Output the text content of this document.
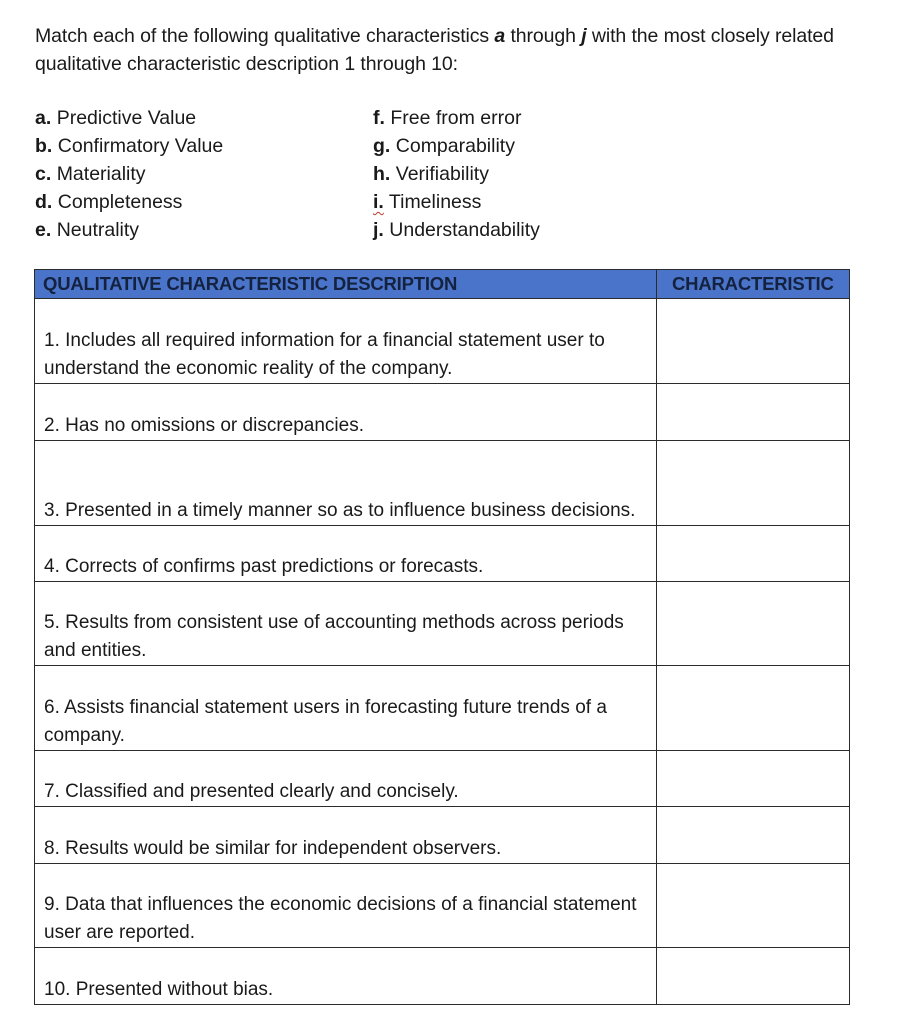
Match each of the following qualitative characteristics a through j with the most closely related qualitative characteristic description 1 through 10:
a. Predictive Value
b. Confirmatory Value
c. Materiality
d. Completeness
e. Neutrality
f. Free from error
g. Comparability
h. Verifiability
i. Timeliness
j. Understandability
QUALITATIVE CHARACTERISTIC DESCRIPTION	CHARACTERISTIC

1. Includes all required information for a financial statement user to understand the economic reality of the company.	

2. Has no omissions or discrepancies.	

3. Presented in a timely manner so as to influence business decisions.	

4. Corrects of confirms past predictions or forecasts.	

5. Results from consistent use of accounting methods across periods and entities.	

6. Assists financial statement users in forecasting future trends of a company.	

7. Classified and presented clearly and concisely.	

8. Results would be similar for independent observers.	

9. Data that influences the economic decisions of a financial statement user are reported.	

10. Presented without bias.	
